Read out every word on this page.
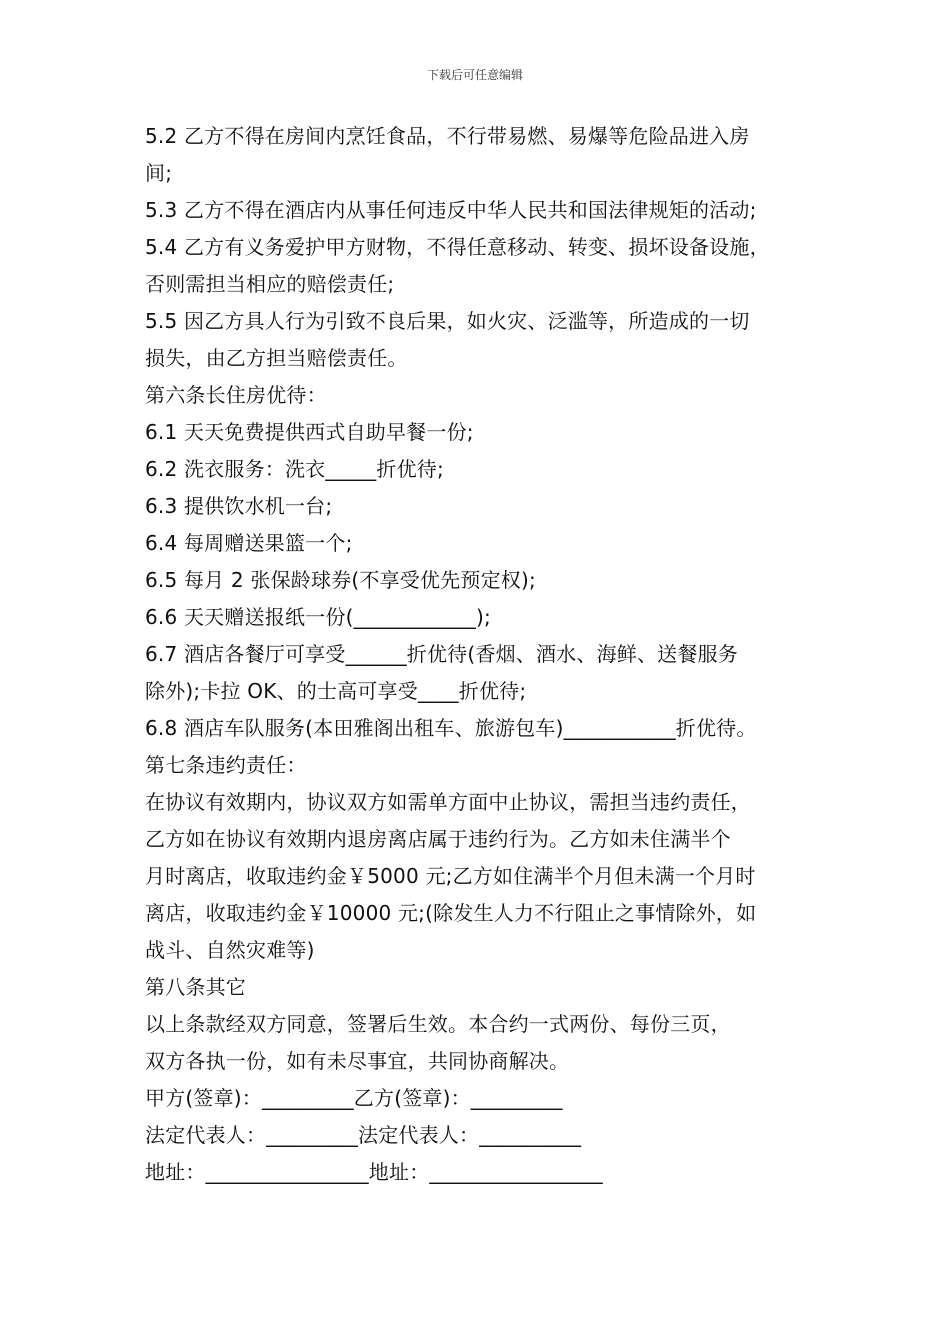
下载后可任意编辑
5.2 乙方不得在房间内烹饪食品，不行带易燃、易爆等危险品进入房
间;
5.3 乙方不得在酒店内从事任何违反中华人民共和国法律规矩的活动;
5.4 乙方有义务爱护甲方财物，不得任意移动、转变、损坏设备设施，
否则需担当相应的赔偿责任;
5.5 因乙方具人行为引致不良后果，如火灾、泛滥等，所造成的一切
损失，由乙方担当赔偿责任。
第六条长住房优待：
6.1 天天免费提供西式自助早餐一份;
6.2 洗衣服务：洗衣_____折优待;
6.3 提供饮水机一台;
6.4 每周赠送果篮一个;
6.5 每月 2 张保龄球券(不享受优先预定权);
6.6 天天赠送报纸一份(____________);
6.7 酒店各餐厅可享受______折优待(香烟、酒水、海鲜、送餐服务
除外);卡拉 OK、的士高可享受____折优待;
6.8 酒店车队服务(本田雅阁出租车、旅游包车)___________折优待。
第七条违约责任：
在协议有效期内，协议双方如需单方面中止协议，需担当违约责任，
乙方如在协议有效期内退房离店属于违约行为。乙方如未住满半个
月时离店，收取违约金￥5000 元;乙方如住满半个月但未满一个月时
离店，收取违约金￥10000 元;(除发生人力不行阻止之事情除外，如
战斗、自然灾难等)
第八条其它
以上条款经双方同意，签署后生效。本合约一式两份、每份三页，
双方各执一份，如有未尽事宜，共同协商解决。
甲方(签章)：_________乙方(签章)：_________
法定代表人：_________法定代表人：__________
地址：________________地址：_________________
